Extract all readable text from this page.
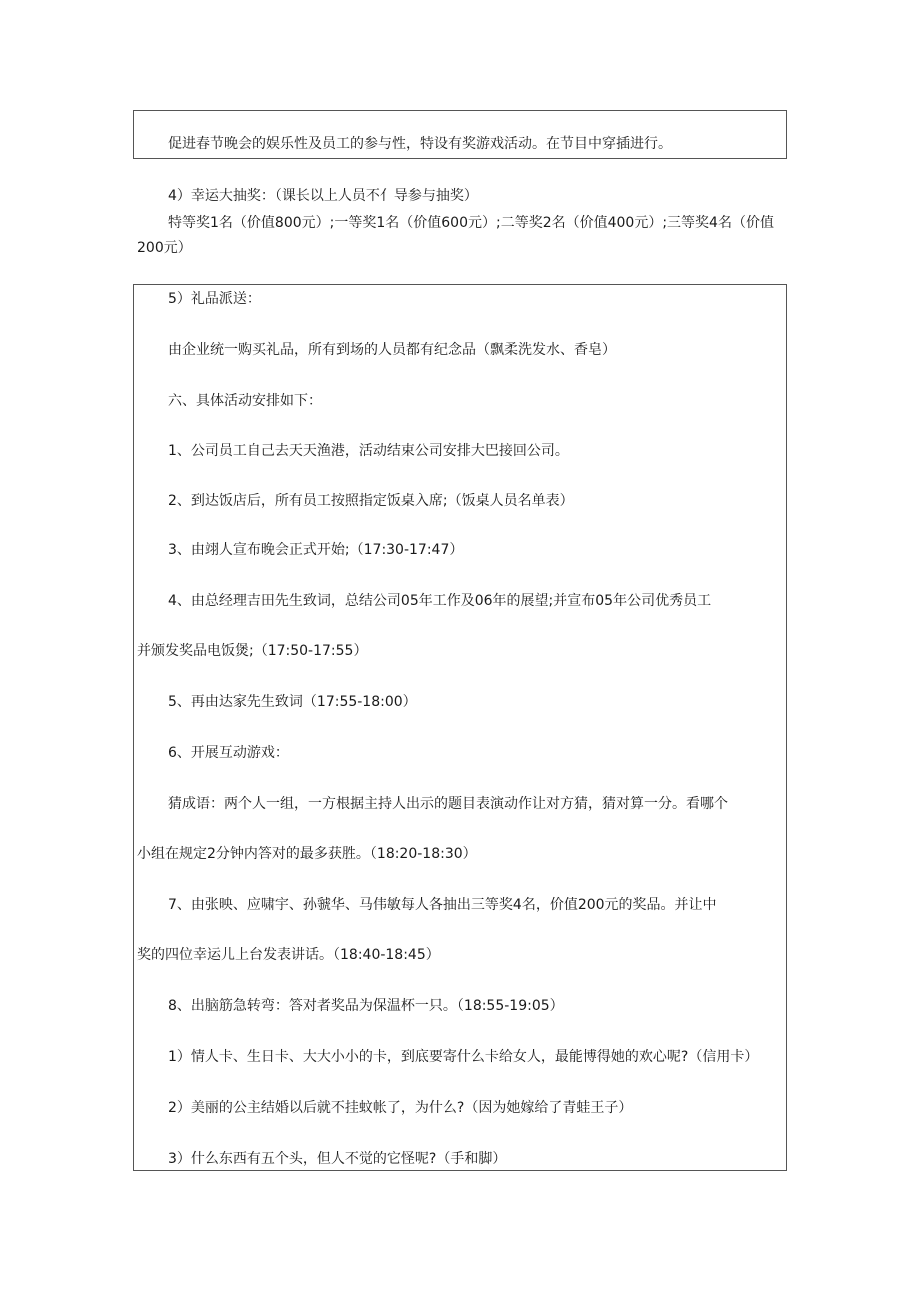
促进春节晚会的娱乐性及员工的参与性，特设有奖游戏活动。在节目中穿插进行。
4）幸运大抽奖：（课长以上人员不亻导参与抽奖）
特等奖1名（价值800元）;一等奖1名（价值600元）;二等奖2名（价值400元）;三等奖4名（价值
200元）
5）礼品派送：
由企业统一购买礼品，所有到场的人员都有纪念品（飘柔洗发水、香皂）
六、具体活动安排如下：
1、公司员工自己去天天渔港，活动结束公司安排大巴接回公司。
2、到达饭店后，所有员工按照指定饭桌入席;（饭桌人员名单表）
3、由翊人宣布晚会正式开始;（17:30-17:47）
4、由总经理吉田先生致词，总结公司05年工作及06年的展望;并宣布05年公司优秀员工
并颁发奖品电饭煲;（17:50-17:55）
5、再由达家先生致词（17:55-18:00）
6、开展互动游戏：
猜成语：两个人一组，一方根据主持人出示的题目表演动作让对方猜，猜对算一分。看哪个
小组在规定2分钟内答对的最多获胜。（18:20-18:30）
7、由张映、应啸宇、孙虢华、马伟敏每人各抽出三等奖4名，价值200元的奖品。并让中
奖的四位幸运儿上台发表讲话。（18:40-18:45）
8、出脑筋急转弯：答对者奖品为保温杯一只。（18:55-19:05）
1）情人卡、生日卡、大大小小的卡，到底要寄什么卡给女人，最能博得她的欢心呢?（信用卡）
2）美丽的公主结婚以后就不挂蚊帐了，为什么?（因为她嫁给了青蛙王子）
3）什么东西有五个头，但人不觉的它怪呢?（手和脚）
